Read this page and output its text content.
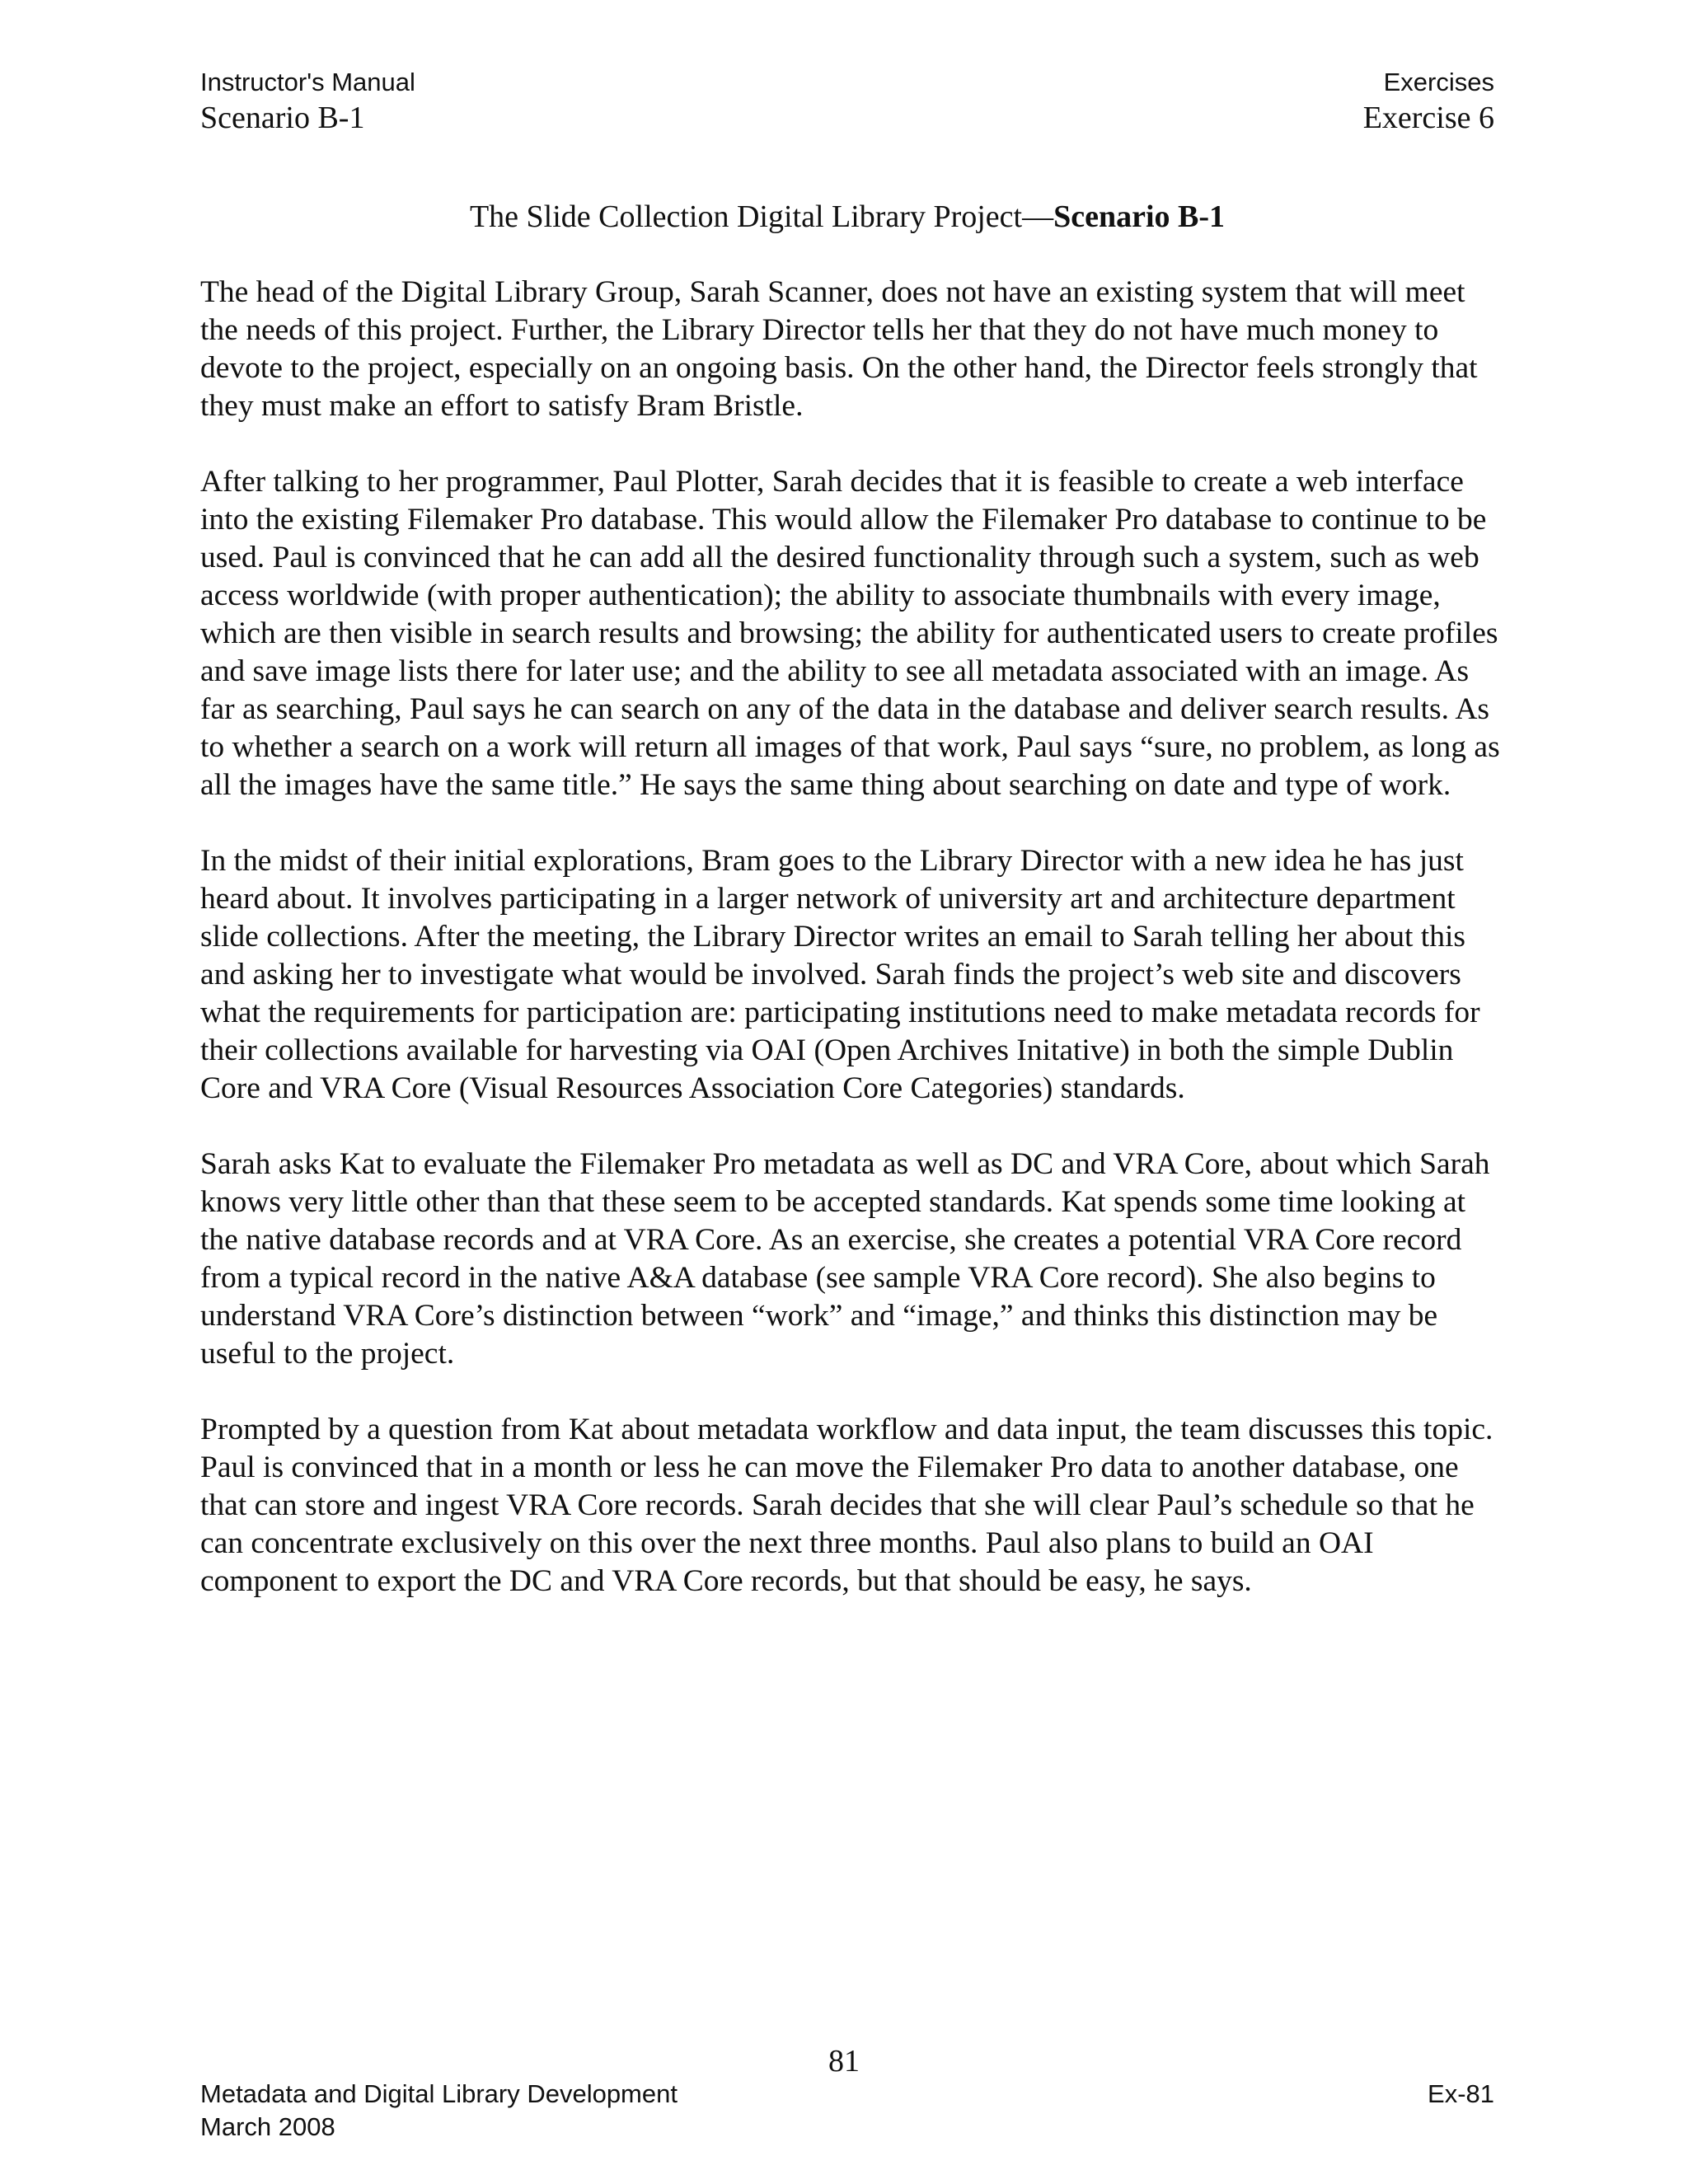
Instructor's Manual	Exercises
Scenario B-1	Exercise 6
The Slide Collection Digital Library Project—Scenario B-1

The head of the Digital Library Group, Sarah Scanner, does not have an existing system that will meet the needs of this project. Further, the Library Director tells her that they do not have much money to devote to the project, especially on an ongoing basis. On the other hand, the Director feels strongly that they must make an effort to satisfy Bram Bristle.

After talking to her programmer, Paul Plotter, Sarah decides that it is feasible to create a web interface into the existing Filemaker Pro database. This would allow the Filemaker Pro database to continue to be used. Paul is convinced that he can add all the desired functionality through such a system, such as web access worldwide (with proper authentication); the ability to associate thumbnails with every image, which are then visible in search results and browsing; the ability for authenticated users to create profiles and save image lists there for later use; and the ability to see all metadata associated with an image. As far as searching, Paul says he can search on any of the data in the database and deliver search results. As to whether a search on a work will return all images of that work, Paul says “sure, no problem, as long as all the images have the same title.” He says the same thing about searching on date and type of work.

In the midst of their initial explorations, Bram goes to the Library Director with a new idea he has just heard about. It involves participating in a larger network of university art and architecture department slide collections. After the meeting, the Library Director writes an email to Sarah telling her about this and asking her to investigate what would be involved. Sarah finds the project’s web site and discovers what the requirements for participation are: participating institutions need to make metadata records for their collections available for harvesting via OAI (Open Archives Initative) in both the simple Dublin Core and VRA Core (Visual Resources Association Core Categories) standards.

Sarah asks Kat to evaluate the Filemaker Pro metadata as well as DC and VRA Core, about which Sarah knows very little other than that these seem to be accepted standards. Kat spends some time looking at the native database records and at VRA Core. As an exercise, she creates a potential VRA Core record from a typical record in the native A&A database (see sample VRA Core record). She also begins to understand VRA Core’s distinction between “work” and “image,” and thinks this distinction may be useful to the project.

Prompted by a question from Kat about metadata workflow and data input, the team discusses this topic. Paul is convinced that in a month or less he can move the Filemaker Pro data to another database, one that can store and ingest VRA Core records. Sarah decides that she will clear Paul’s schedule so that he can concentrate exclusively on this over the next three months. Paul also plans to build an OAI component to export the DC and VRA Core records, but that should be easy, he says.

81
Metadata and Digital Library Development	Ex-81
March 2008
